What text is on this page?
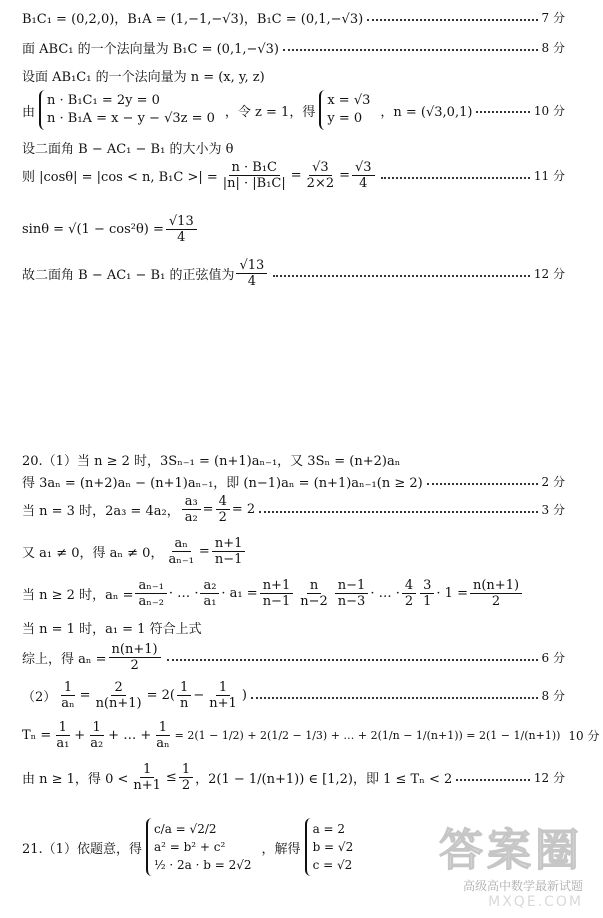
B₁C₁ = (0,2,0)，B₁A = (1,−1,−√3)，B₁C = (0,1,−√3)	7 分
面 ABC₁ 的一个法向量为 B₁C = (0,1,−√3)	8 分
设面 AB₁C₁ 的一个法向量为 n = (x, y, z)
由
n · B₁C₁ = 2y = 0
n · B₁A = x − y − √3z = 0 ，令 z = 1，得
x = √3
y = 0	，n = (√3,0,1)	10 分
设二面角 B − AC₁ − B₁ 的大小为 θ
则 |cosθ| = |cos < n, B₁C >| = $\frac{\text{n · B₁C}}{\text{|n| · |B₁C|}} = \frac{√3}{2\times 2} = \frac{√3}{4}$	11 分
$\sin\theta = √(1 - \cos^2\theta) = \frac{√13}{4}$
故二面角 B − AC₁ − B₁ 的正弦值为 $\frac{√13}{4}$	12 分
20.（1）当 n ≥ 2 时，3Sₙ₋₁ = (n+1)aₙ₋₁，又 3Sₙ = (n+2)aₙ
得 3aₙ = (n+2)aₙ − (n+1)aₙ₋₁，即 (n−1)aₙ = (n+1)aₙ₋₁(n ≥ 2)	2 分
当 n = 3 时，2a₃ = 4a₂， $\frac{\text{a₃}}{\text{a₂}} = \frac{4}{2} = 2$	3 分
又 a₁ ≠ 0，得 aₙ ≠ 0， $\frac{\text{aₙ}}{\text{aₙ₋₁}} = \frac{n+1}{n-1}$
当 n ≥ 2 时，$a_n = \frac{\text{aₙ₋₁}}{\text{aₙ₋₂}}$ · … · $\frac{\text{a₂}}{\text{a₁}} \cdot a_1 = \frac{n+1}{n-1} \frac{n}{n-2} \frac{n-1}{n-3}$ · … · $\frac{4}{2} \frac{3}{1} \cdot 1 = \frac{n(n+1)}{2}$
当 n = 1 时，a₁ = 1 符合上式
综上，得 $a_n = \frac{n(n+1)}{2}$	6 分
$(2) \frac{1}{\text{aₙ}} = \frac{2}{n(n+1)} = 2( \frac{1}{n} - \frac{1}{n+1}$ )	8 分
$T_n = \frac{1}{\text{a₁}} + \frac{1}{\text{a₂}}$ + … + $\frac{1}{\text{aₙ}} = 2(1 - 1/2) + 2(1/2 - 1/3)$ + … + 2(1/n − 1/(n+1)) = 2(1 − 1/(n+1)) 10 分
由 n ≥ 1，得 $0 < \frac{1}{n+1} \le \frac{1}{2}$ ，2(1 − 1/(n+1)) ∈ [1,2)，即 1 ≤ Tₙ < 2	12 分
21.（1）依题意，得
c/a = √2/2
a² = b² + c²
½ · 2a · b = 2√2
，解得
a = 2
b = √2
c = √2 答案圈
高级高中数学最新试题
MXQE.COM
